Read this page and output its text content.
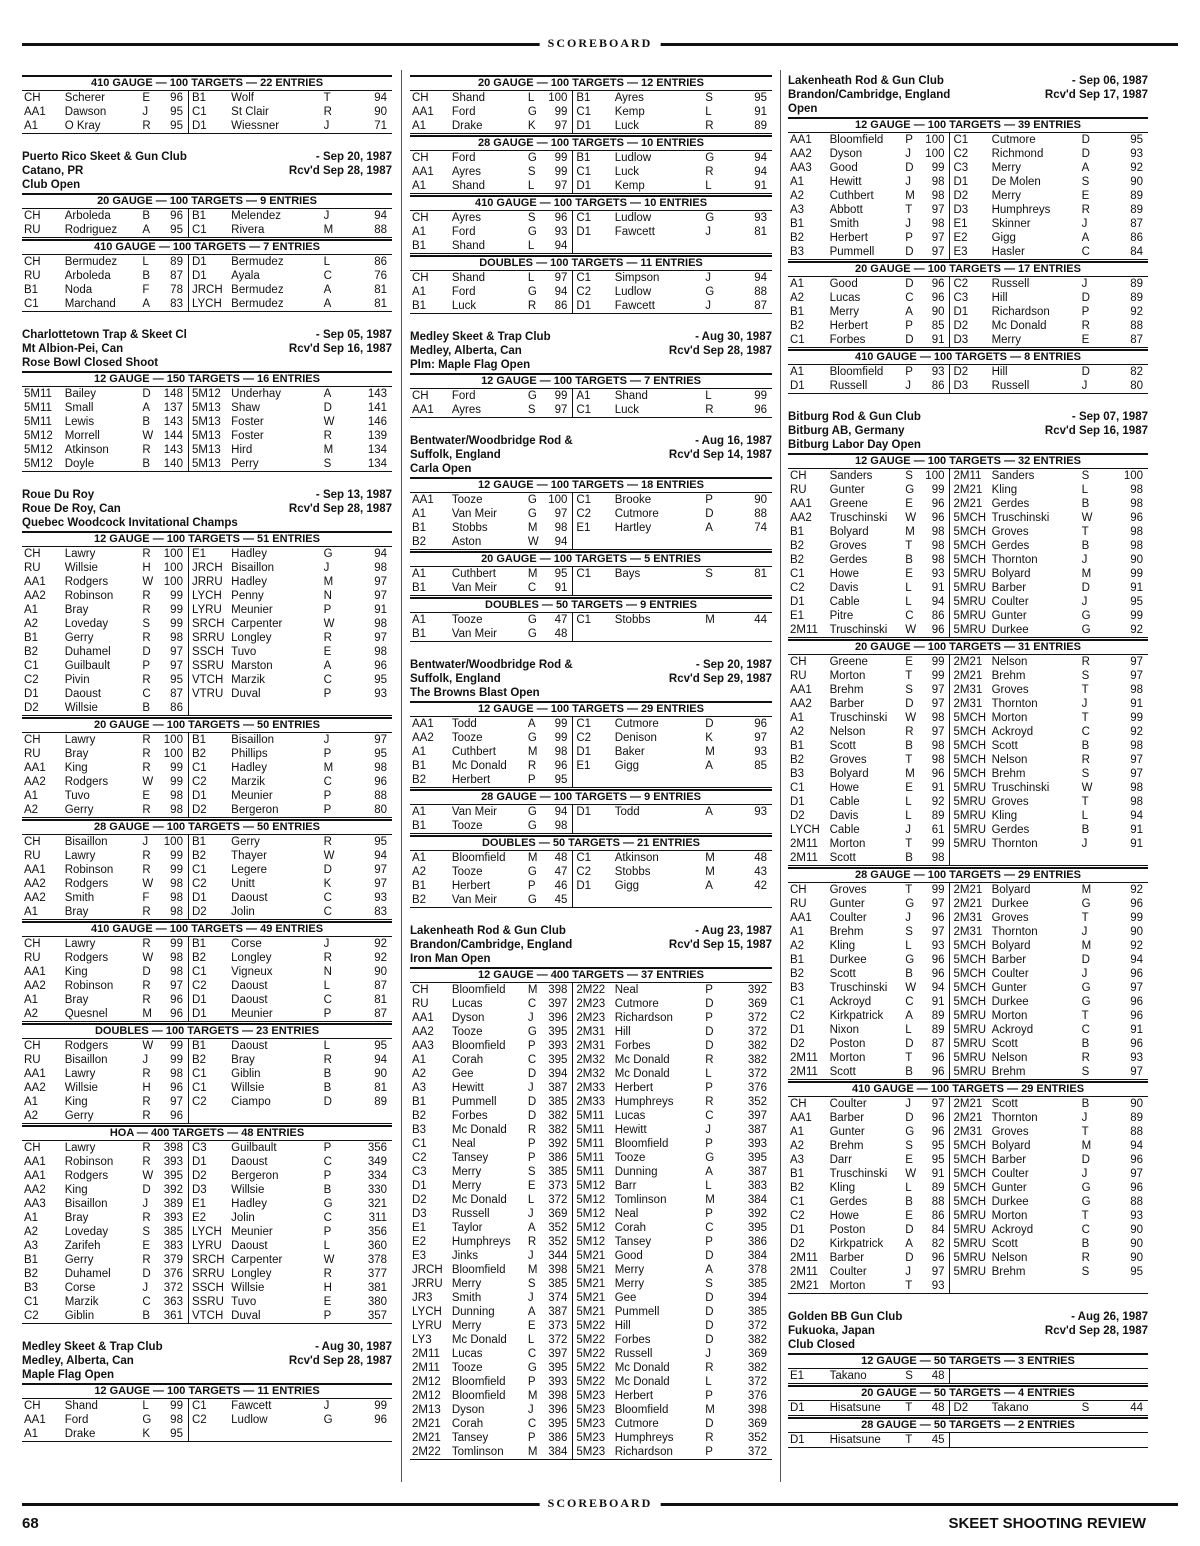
SCOREBOARD
410 GAUGE — 100 TARGETS — 22 ENTRIES
CH	Scherer	E	96	B1	Wolf	T	94
AA1	Dawson	J	95	C1	St Clair	R	90
A1	O Kray	R	95	D1	Wiessner	J	71
Puerto Rico Skeet & Gun Club	- Sep 20, 1987
Catano, PR	Rcv'd Sep 28, 1987
Club Open
20 GAUGE — 100 TARGETS — 9 ENTRIES
CH	Arboleda	B	96	B1	Melendez	J	94
RU	Rodriguez	A	95	C1	Rivera	M	88
410 GAUGE — 100 TARGETS — 7 ENTRIES
CH	Bermudez	L	89	D1	Bermudez	L	86
RU	Arboleda	B	87	D1	Ayala	C	76
B1	Noda	F	78	JRCH	Bermudez	A	81
C1	Marchand	A	83	LYCH	Bermudez	A	81
Charlottetown Trap & Skeet Cl	- Sep 05, 1987
Mt Albion-Pei, Can	Rcv'd Sep 16, 1987
Rose Bowl Closed Shoot
12 GAUGE — 150 TARGETS — 16 ENTRIES
5M11	Bailey	D	148	5M12	Underhay	A	143
5M11	Small	A	137	5M13	Shaw	D	141
5M11	Lewis	B	143	5M13	Foster	W	146
5M12	Morrell	W	144	5M13	Foster	R	139
5M12	Atkinson	R	143	5M13	Hird	M	134
5M12	Doyle	B	140	5M13	Perry	S	134
Roue Du Roy	- Sep 13, 1987
Roue De Roy, Can	Rcv'd Sep 28, 1987
Quebec Woodcock Invitational Champs
12 GAUGE — 100 TARGETS — 51 ENTRIES
CH	Lawry	R	100	E1	Hadley	G	94
RU	Willsie	H	100	JRCH	Bisaillon	J	98
AA1	Rodgers	W	100	JRRU	Hadley	M	97
AA2	Robinson	R	99	LYCH	Penny	N	97
A1	Bray	R	99	LYRU	Meunier	P	91
A2	Loveday	S	99	SRCH	Carpenter	W	98
B1	Gerry	R	98	SRRU	Longley	R	97
B2	Duhamel	D	97	SSCH	Tuvo	E	98
C1	Guilbault	P	97	SSRU	Marston	A	96
C2	Pivin	R	95	VTCH	Marzik	C	95
D1	Daoust	C	87	VTRU	Duval	P	93
D2	Willsie	B	86				
20 GAUGE — 100 TARGETS — 50 ENTRIES
CH	Lawry	R	100	B1	Bisaillon	J	97
RU	Bray	R	100	B2	Phillips	P	95
AA1	King	R	99	C1	Hadley	M	98
AA2	Rodgers	W	99	C2	Marzik	C	96
A1	Tuvo	E	98	D1	Meunier	P	88
A2	Gerry	R	98	D2	Bergeron	P	80
28 GAUGE — 100 TARGETS — 50 ENTRIES
CH	Bisaillon	J	100	B1	Gerry	R	95
RU	Lawry	R	99	B2	Thayer	W	94
AA1	Robinson	R	99	C1	Legere	D	97
AA2	Rodgers	W	98	C2	Unitt	K	97
AA2	Smith	F	98	D1	Daoust	C	93
A1	Bray	R	98	D2	Jolin	C	83
410 GAUGE — 100 TARGETS — 49 ENTRIES
CH	Lawry	R	99	B1	Corse	J	92
RU	Rodgers	W	98	B2	Longley	R	92
AA1	King	D	98	C1	Vigneux	N	90
AA2	Robinson	R	97	C2	Daoust	L	87
A1	Bray	R	96	D1	Daoust	C	81
A2	Quesnel	M	96	D1	Meunier	P	87
DOUBLES — 100 TARGETS — 23 ENTRIES
CH	Rodgers	W	99	B1	Daoust	L	95
RU	Bisaillon	J	99	B2	Bray	R	94
AA1	Lawry	R	98	C1	Giblin	B	90
AA2	Willsie	H	96	C1	Willsie	B	81
A1	King	R	97	C2	Ciampo	D	89
A2	Gerry	R	96				
HOA — 400 TARGETS — 48 ENTRIES
CH	Lawry	R	398	C3	Guilbault	P	356
AA1	Robinson	R	393	D1	Daoust	C	349
AA1	Rodgers	W	395	D2	Bergeron	P	334
AA2	King	D	392	D3	Willsie	B	330
AA3	Bisaillon	J	389	E1	Hadley	G	321
A1	Bray	R	393	E2	Jolin	C	311
A2	Loveday	S	385	LYCH	Meunier	P	356
A3	Zarifeh	E	383	LYRU	Daoust	L	360
B1	Gerry	R	379	SRCH	Carpenter	W	378
B2	Duhamel	D	376	SRRU	Longley	R	377
B3	Corse	J	372	SSCH	Willsie	H	381
C1	Marzik	C	363	SSRU	Tuvo	E	380
C2	Giblin	B	361	VTCH	Duval	P	357
Medley Skeet & Trap Club	- Aug 30, 1987
Medley, Alberta, Can	Rcv'd Sep 28, 1987
Maple Flag Open
12 GAUGE — 100 TARGETS — 11 ENTRIES
CH	Shand	L	99	C1	Fawcett	J	99
AA1	Ford	G	98	C2	Ludlow	G	96
A1	Drake	K	95				
20 GAUGE — 100 TARGETS — 12 ENTRIES
CH	Shand	L	100	B1	Ayres	S	95
AA1	Ford	G	99	C1	Kemp	L	91
A1	Drake	K	97	D1	Luck	R	89
28 GAUGE — 100 TARGETS — 10 ENTRIES
CH	Ford	G	99	B1	Ludlow	G	94
AA1	Ayres	S	99	C1	Luck	R	94
A1	Shand	L	97	D1	Kemp	L	91
410 GAUGE — 100 TARGETS — 10 ENTRIES
CH	Ayres	S	96	C1	Ludlow	G	93
A1	Ford	G	93	D1	Fawcett	J	81
B1	Shand	L	94				
DOUBLES — 100 TARGETS — 11 ENTRIES
CH	Shand	L	97	C1	Simpson	J	94
A1	Ford	G	94	C2	Ludlow	G	88
B1	Luck	R	86	D1	Fawcett	J	87
Medley Skeet & Trap Club	- Aug 30, 1987
Medley, Alberta, Can	Rcv'd Sep 28, 1987
Plm: Maple Flag Open
12 GAUGE — 100 TARGETS — 7 ENTRIES
CH	Ford	G	99	A1	Shand	L	99
AA1	Ayres	S	97	C1	Luck	R	96
Bentwater/Woodbridge Rod &	- Aug 16, 1987
Suffolk, England	Rcv'd Sep 14, 1987
Carla Open
12 GAUGE — 100 TARGETS — 18 ENTRIES
AA1	Tooze	G	100	C1	Brooke	P	90
A1	Van Meir	G	97	C2	Cutmore	D	88
B1	Stobbs	M	98	E1	Hartley	A	74
B2	Aston	W	94				
20 GAUGE — 100 TARGETS — 5 ENTRIES
A1	Cuthbert	M	95	C1	Bays	S	81
B1	Van Meir	C	91				
DOUBLES — 50 TARGETS — 9 ENTRIES
A1	Tooze	G	47	C1	Stobbs	M	44
B1	Van Meir	G	48				
Bentwater/Woodbridge Rod &	- Sep 20, 1987
Suffolk, England	Rcv'd Sep 29, 1987
The Browns Blast Open
12 GAUGE — 100 TARGETS — 29 ENTRIES
AA1	Todd	A	99	C1	Cutmore	D	96
AA2	Tooze	G	99	C2	Denison	K	97
A1	Cuthbert	M	98	D1	Baker	M	93
B1	Mc Donald	R	96	E1	Gigg	A	85
B2	Herbert	P	95				
28 GAUGE — 100 TARGETS — 9 ENTRIES
A1	Van Meir	G	94	D1	Todd	A	93
B1	Tooze	G	98				
DOUBLES — 50 TARGETS — 21 ENTRIES
A1	Bloomfield	M	48	C1	Atkinson	M	48
A2	Tooze	G	47	C2	Stobbs	M	43
B1	Herbert	P	46	D1	Gigg	A	42
B2	Van Meir	G	45				
Lakenheath Rod & Gun Club	- Aug 23, 1987
Brandon/Cambridge, England	Rcv'd Sep 15, 1987
Iron Man Open
12 GAUGE — 400 TARGETS — 37 ENTRIES
CH	Bloomfield	M	398	2M22	Neal	P	392
RU	Lucas	C	397	2M23	Cutmore	D	369
AA1	Dyson	J	396	2M23	Richardson	P	372
AA2	Tooze	G	395	2M31	Hill	D	372
AA3	Bloomfield	P	393	2M31	Forbes	D	382
A1	Corah	C	395	2M32	Mc Donald	R	382
A2	Gee	D	394	2M32	Mc Donald	L	372
A3	Hewitt	J	387	2M33	Herbert	P	376
B1	Pummell	D	385	2M33	Humphreys	R	352
B2	Forbes	D	382	5M11	Lucas	C	397
B3	Mc Donald	R	382	5M11	Hewitt	J	387
C1	Neal	P	392	5M11	Bloomfield	P	393
C2	Tansey	P	386	5M11	Tooze	G	395
C3	Merry	S	385	5M11	Dunning	A	387
D1	Merry	E	373	5M12	Barr	L	383
D2	Mc Donald	L	372	5M12	Tomlinson	M	384
D3	Russell	J	369	5M12	Neal	P	392
E1	Taylor	A	352	5M12	Corah	C	395
E2	Humphreys	R	352	5M12	Tansey	P	386
E3	Jinks	J	344	5M21	Good	D	384
JRCH	Bloomfield	M	398	5M21	Merry	A	378
JRRU	Merry	S	385	5M21	Merry	S	385
JR3	Smith	J	374	5M21	Gee	D	394
LYCH	Dunning	A	387	5M21	Pummell	D	385
LYRU	Merry	E	373	5M22	Hill	D	372
LY3	Mc Donald	L	372	5M22	Forbes	D	382
2M11	Lucas	C	397	5M22	Russell	J	369
2M11	Tooze	G	395	5M22	Mc Donald	R	382
2M12	Bloomfield	P	393	5M22	Mc Donald	L	372
2M12	Bloomfield	M	398	5M23	Herbert	P	376
2M13	Dyson	J	396	5M23	Bloomfield	M	398
2M21	Corah	C	395	5M23	Cutmore	D	369
2M21	Tansey	P	386	5M23	Humphreys	R	352
2M22	Tomlinson	M	384	5M23	Richardson	P	372
Lakenheath Rod & Gun Club	- Sep 06, 1987
Brandon/Cambridge, England	Rcv'd Sep 17, 1987
Open
12 GAUGE — 100 TARGETS — 39 ENTRIES
AA1	Bloomfield	P	100	C1	Cutmore	D	95
AA2	Dyson	J	100	C2	Richmond	D	93
AA3	Good	D	99	C3	Merry	A	92
A1	Hewitt	J	98	D1	De Molen	S	90
A2	Cuthbert	M	98	D2	Merry	E	89
A3	Abbott	T	97	D3	Humphreys	R	89
B1	Smith	J	98	E1	Skinner	J	87
B2	Herbert	P	97	E2	Gigg	A	86
B3	Pummell	D	97	E3	Hasler	C	84
20 GAUGE — 100 TARGETS — 17 ENTRIES
A1	Good	D	96	C2	Russell	J	89
A2	Lucas	C	96	C3	Hill	D	89
B1	Merry	A	90	D1	Richardson	P	92
B2	Herbert	P	85	D2	Mc Donald	R	88
C1	Forbes	D	91	D3	Merry	E	87
410 GAUGE — 100 TARGETS — 8 ENTRIES
A1	Bloomfield	P	93	D2	Hill	D	82
D1	Russell	J	86	D3	Russell	J	80
Bitburg Rod & Gun Club	- Sep 07, 1987
Bitburg AB, Germany	Rcv'd Sep 16, 1987
Bitburg Labor Day Open
12 GAUGE — 100 TARGETS — 32 ENTRIES
CH	Sanders	S	100	2M11	Sanders	S	100
RU	Gunter	G	99	2M21	Kling	L	98
AA1	Greene	E	96	2M21	Gerdes	B	98
AA2	Truschinski	W	96	5MCH	Truschinski	W	96
B1	Bolyard	M	98	5MCH	Groves	T	98
B2	Groves	T	98	5MCH	Gerdes	B	98
B2	Gerdes	B	98	5MCH	Thornton	J	90
C1	Howe	E	93	5MRU	Bolyard	M	99
C2	Davis	L	91	5MRU	Barber	D	91
D1	Cable	L	94	5MRU	Coulter	J	95
E1	Pitre	C	86	5MRU	Gunter	G	99
2M11	Truschinski	W	96	5MRU	Durkee	G	92
20 GAUGE — 100 TARGETS — 31 ENTRIES
CH	Greene	E	99	2M21	Nelson	R	97
RU	Morton	T	99	2M21	Brehm	S	97
AA1	Brehm	S	97	2M31	Groves	T	98
AA2	Barber	D	97	2M31	Thornton	J	91
A1	Truschinski	W	98	5MCH	Morton	T	99
A2	Nelson	R	97	5MCH	Ackroyd	C	92
B1	Scott	B	98	5MCH	Scott	B	98
B2	Groves	T	98	5MCH	Nelson	R	97
B3	Bolyard	M	96	5MCH	Brehm	S	97
C1	Howe	E	91	5MRU	Truschinski	W	98
D1	Cable	L	92	5MRU	Groves	T	98
D2	Davis	L	89	5MRU	Kling	L	94
LYCH	Cable	J	61	5MRU	Gerdes	B	91
2M11	Morton	T	99	5MRU	Thornton	J	91
2M11	Scott	B	98				
28 GAUGE — 100 TARGETS — 29 ENTRIES
CH	Groves	T	99	2M21	Bolyard	M	92
RU	Gunter	G	97	2M21	Durkee	G	96
AA1	Coulter	J	96	2M31	Groves	T	99
A1	Brehm	S	97	2M31	Thornton	J	90
A2	Kling	L	93	5MCH	Bolyard	M	92
B1	Durkee	G	96	5MCH	Barber	D	94
B2	Scott	B	96	5MCH	Coulter	J	96
B3	Truschinski	W	94	5MCH	Gunter	G	97
C1	Ackroyd	C	91	5MCH	Durkee	G	96
C2	Kirkpatrick	A	89	5MRU	Morton	T	96
D1	Nixon	L	89	5MRU	Ackroyd	C	91
D2	Poston	D	87	5MRU	Scott	B	96
2M11	Morton	T	96	5MRU	Nelson	R	93
2M11	Scott	B	96	5MRU	Brehm	S	97
410 GAUGE — 100 TARGETS — 29 ENTRIES
CH	Coulter	J	97	2M21	Scott	B	90
AA1	Barber	D	96	2M21	Thornton	J	89
A1	Gunter	G	96	2M31	Groves	T	88
A2	Brehm	S	95	5MCH	Bolyard	M	94
A3	Darr	E	95	5MCH	Barber	D	96
B1	Truschinski	W	91	5MCH	Coulter	J	97
B2	Kling	L	89	5MCH	Gunter	G	96
C1	Gerdes	B	88	5MCH	Durkee	G	88
C2	Howe	E	86	5MRU	Morton	T	93
D1	Poston	D	84	5MRU	Ackroyd	C	90
D2	Kirkpatrick	A	82	5MRU	Scott	B	90
2M11	Barber	D	96	5MRU	Nelson	R	90
2M11	Coulter	J	97	5MRU	Brehm	S	95
2M21	Morton	T	93				
Golden BB Gun Club	- Aug 26, 1987
Fukuoka, Japan	Rcv'd Sep 28, 1987
Club Closed
12 GAUGE — 50 TARGETS — 3 ENTRIES
E1	Takano	S	48				
20 GAUGE — 50 TARGETS — 4 ENTRIES
D1	Hisatsune	T	48	D2	Takano	S	44
28 GAUGE — 50 TARGETS — 2 ENTRIES
D1	Hisatsune	T	45				
SCOREBOARD
68	SKEET SHOOTING REVIEW
